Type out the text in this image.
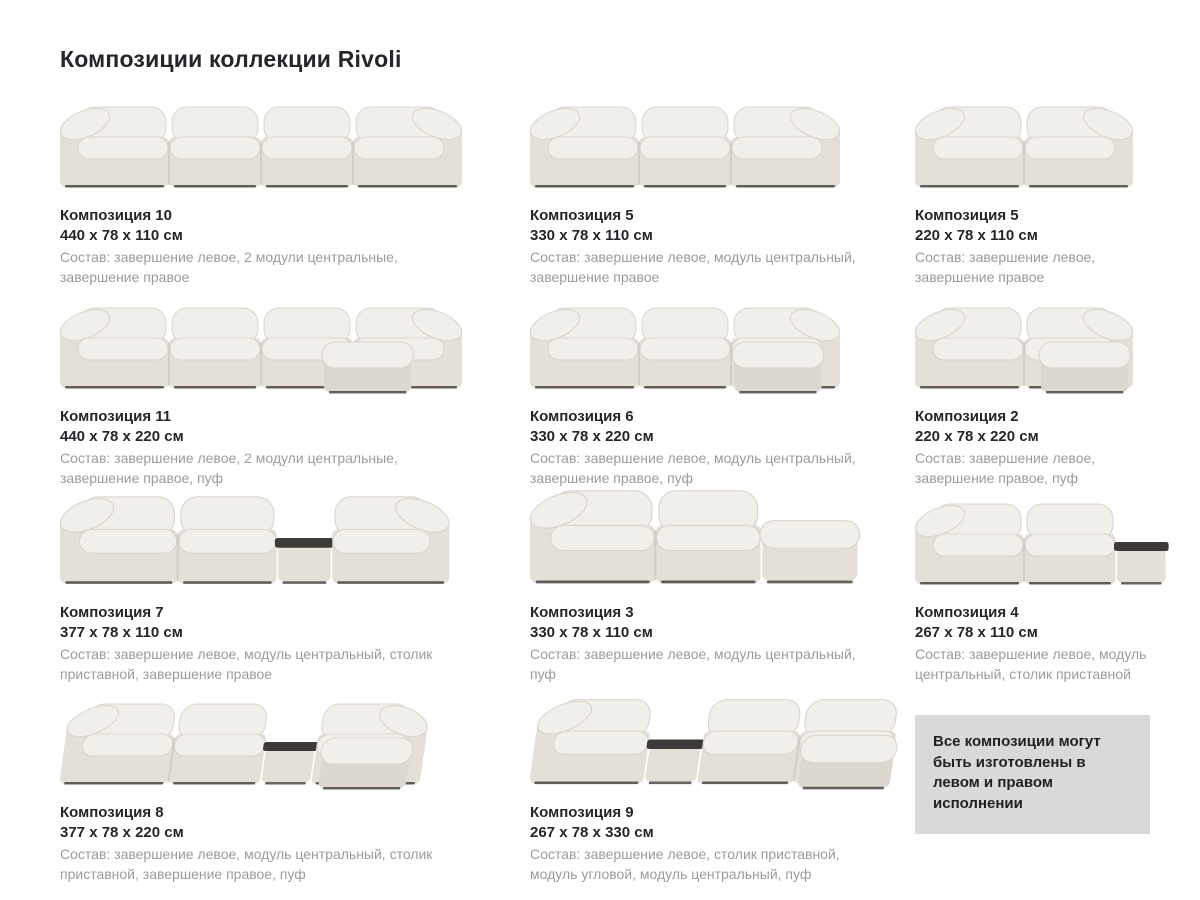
Композиции коллекции Rivoli
Композиция 10
440 x 78 x 110 см

Состав: завершение левое, 2 модули центральные, завершение правое

Композиция 5
330 x 78 x 110 см

Состав: завершение левое, модуль центральный, завершение правое

Композиция 5
220 x 78 x 110 см

Состав: завершение левое, завершение правое

Композиция 11
440 x 78 x 220 см

Состав: завершение левое, 2 модули центральные, завершение правое, пуф

Композиция 6
330 x 78 x 220 см

Состав: завершение левое, модуль центральный, завершение правое, пуф

Композиция 2
220 x 78 x 220 см

Состав: завершение левое, завершение правое, пуф

Композиция 7
377 x 78 x 110 см

Состав: завершение левое, модуль центральный, столик приставной, завершение правое

Композиция 3
330 x 78 x 110 см

Состав: завершение левое, модуль центральный, пуф

Композиция 4
267 x 78 x 110 см

Состав: завершение левое, модуль центральный, столик приставной

Композиция 8
377 x 78 x 220 см

Состав: завершение левое, модуль центральный, столик приставной, завершение правое, пуф

Композиция 9
267 x 78 x 330 см

Состав: завершение левое, столик приставной, модуль угловой, модуль центральный, пуф

Все композиции могут быть изготовлены в левом и правом исполнении
